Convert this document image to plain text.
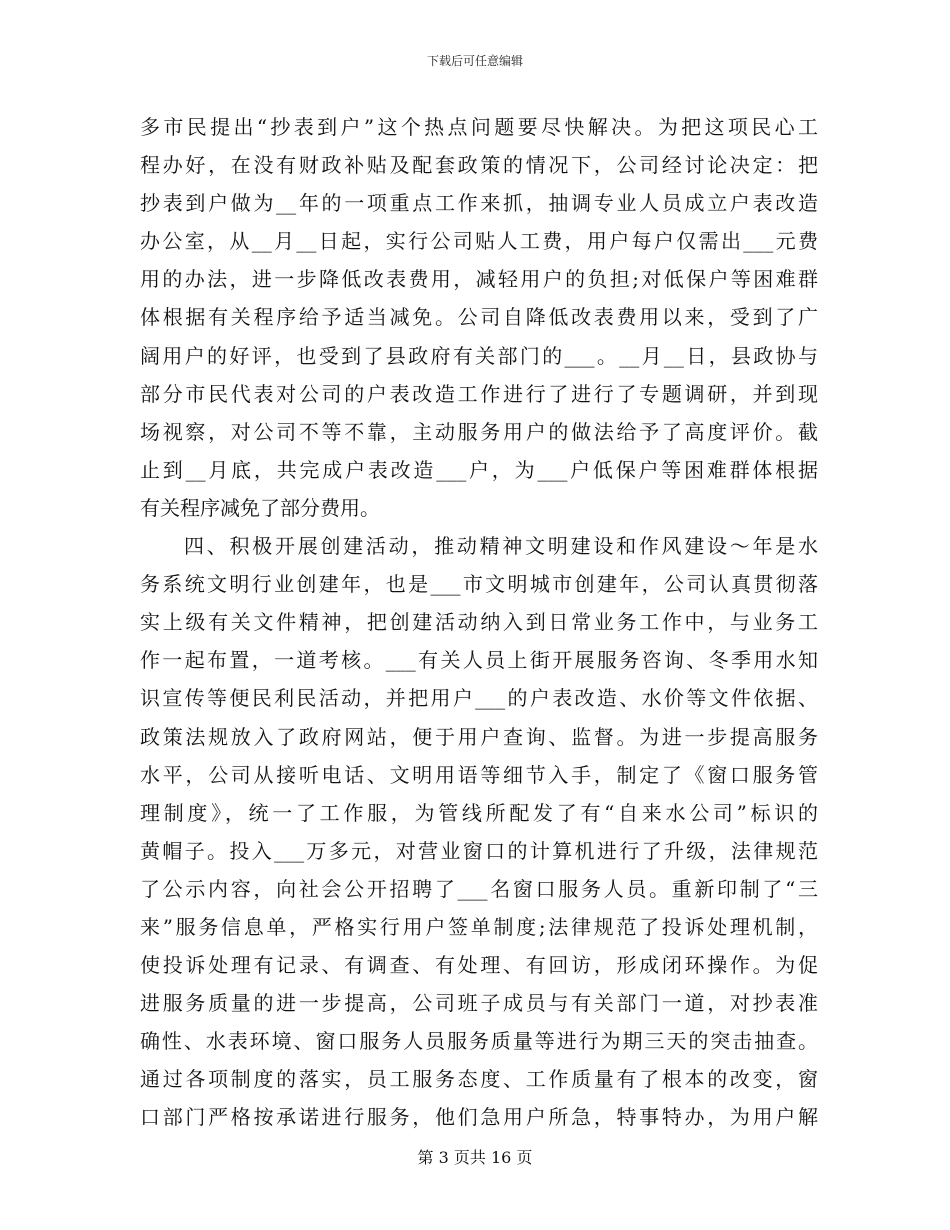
下载后可任意编辑
多市民提出“抄表到户”这个热点问题要尽快解决。为把这项民心工
程办好，在没有财政补贴及配套政策的情况下，公司经讨论决定：把
抄表到户做为__年的一项重点工作来抓，抽调专业人员成立户表改造
办公室，从__月__日起，实行公司贴人工费，用户每户仅需出___元费
用的办法，进一步降低改表费用，减轻用户的负担;对低保户等困难群
体根据有关程序给予适当减免。公司自降低改表费用以来，受到了广
阔用户的好评，也受到了县政府有关部门的___。__月__日，县政协与
部分市民代表对公司的户表改造工作进行了进行了专题调研，并到现
场视察，对公司不等不靠，主动服务用户的做法给予了高度评价。截
止到__月底，共完成户表改造___户，为___户低保户等困难群体根据
有关程序减免了部分费用。
四、积极开展创建活动，推动精神文明建设和作风建设～年是水
务系统文明行业创建年，也是___市文明城市创建年，公司认真贯彻落
实上级有关文件精神，把创建活动纳入到日常业务工作中，与业务工
作一起布置，一道考核。___有关人员上街开展服务咨询、冬季用水知
识宣传等便民利民活动，并把用户___的户表改造、水价等文件依据、
政策法规放入了政府网站，便于用户查询、监督。为进一步提高服务
水平，公司从接听电话、文明用语等细节入手，制定了《窗口服务管
理制度》，统一了工作服，为管线所配发了有“自来水公司”标识的
黄帽子。投入___万多元，对营业窗口的计算机进行了升级，法律规范
了公示内容，向社会公开招聘了___名窗口服务人员。重新印制了“三
来”服务信息单，严格实行用户签单制度;法律规范了投诉处理机制，
使投诉处理有记录、有调查、有处理、有回访，形成闭环操作。为促
进服务质量的进一步提高，公司班子成员与有关部门一道，对抄表准
确性、水表环境、窗口服务人员服务质量等进行为期三天的突击抽查。
通过各项制度的落实，员工服务态度、工作质量有了根本的改变，窗
口部门严格按承诺进行服务，他们急用户所急，特事特办，为用户解
第 3 页共 16 页
